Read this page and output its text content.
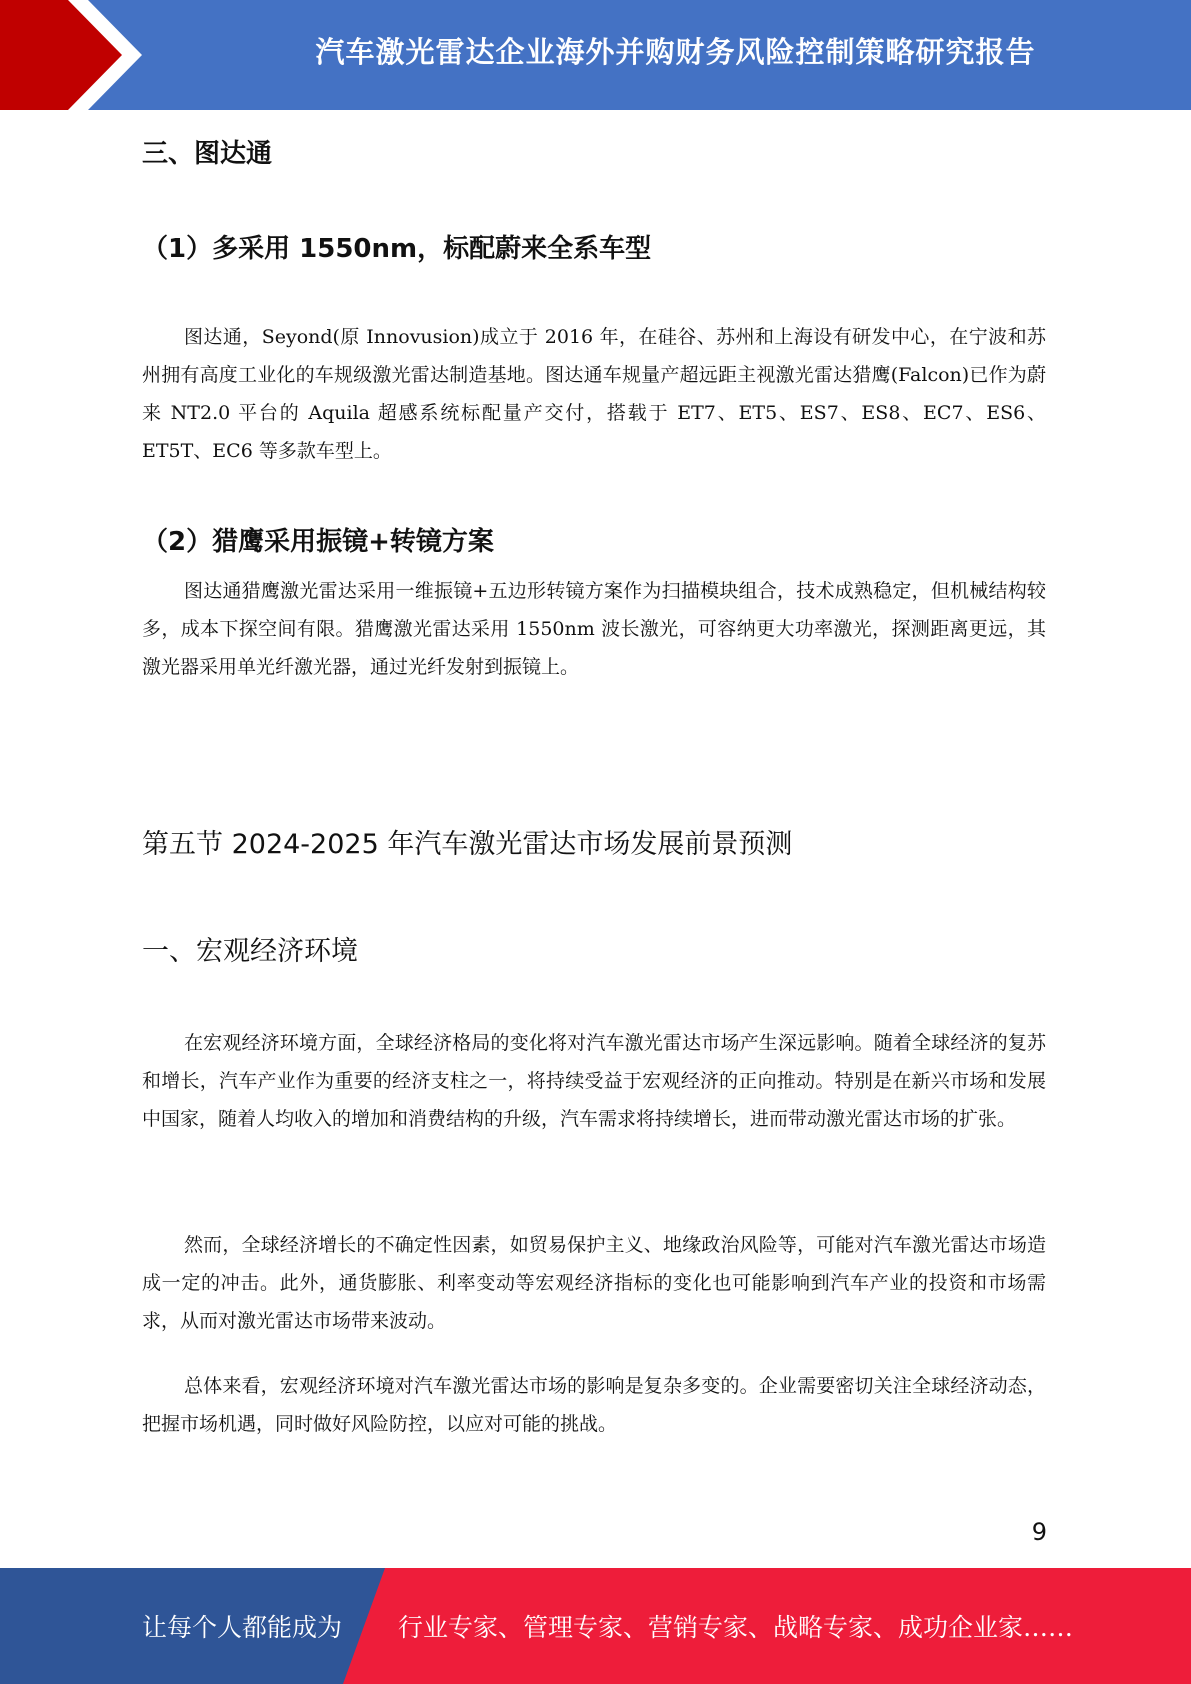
汽车激光雷达企业海外并购财务风险控制策略研究报告
三、图达通
（1）多采用 1550nm，标配蔚来全系车型

图达通，Seyond(原 Innovusion)成立于 2016 年，在硅谷、苏州和上海设有研发中心，在宁波和苏州拥有高度工业化的车规级激光雷达制造基地。图达通车规量产超远距主视激光雷达猎鹰(Falcon)已作为蔚来 NT2.0 平台的 Aquila 超感系统标配量产交付，搭载于 ET7、ET5、ES7、ES8、EC7、ES6、ET5T、EC6 等多款车型上。

（2）猎鹰采用振镜+转镜方案

图达通猎鹰激光雷达采用一维振镜+五边形转镜方案作为扫描模块组合，技术成熟稳定，但机械结构较多，成本下探空间有限。猎鹰激光雷达采用 1550nm 波长激光，可容纳更大功率激光，探测距离更远，其激光器采用单光纤激光器，通过光纤发射到振镜上。

第五节 2024-2025 年汽车激光雷达市场发展前景预测
一、宏观经济环境

在宏观经济环境方面，全球经济格局的变化将对汽车激光雷达市场产生深远影响。随着全球经济的复苏和增长，汽车产业作为重要的经济支柱之一，将持续受益于宏观经济的正向推动。特别是在新兴市场和发展中国家，随着人均收入的增加和消费结构的升级，汽车需求将持续增长，进而带动激光雷达市场的扩张。

然而，全球经济增长的不确定性因素，如贸易保护主义、地缘政治风险等，可能对汽车激光雷达市场造成一定的冲击。此外，通货膨胀、利率变动等宏观经济指标的变化也可能影响到汽车产业的投资和市场需求，从而对激光雷达市场带来波动。

总体来看，宏观经济环境对汽车激光雷达市场的影响是复杂多变的。企业需要密切关注全球经济动态，把握市场机遇，同时做好风险防控，以应对可能的挑战。

9
让每个人都能成为 行业专家、管理专家、营销专家、战略专家、成功企业家……
